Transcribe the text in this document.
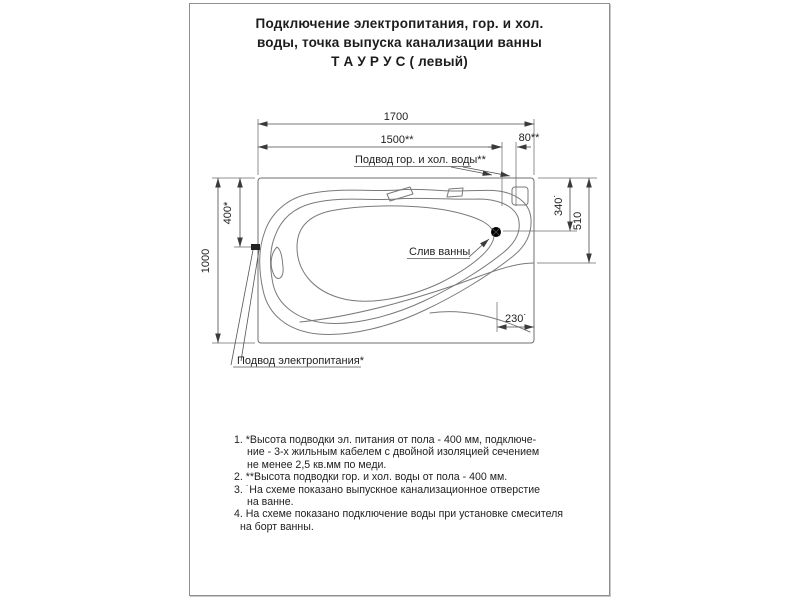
Подключение электропитания, гор. и хол.
воды, точка выпуска канализации ванны
Т А У Р У С ( левый)
1. *Высота подводки эл. питания от пола - 400 мм, подключе-
ние - 3-х жильным кабелем с двойной изоляцией сечением
не менее 2,5 кв.мм по меди.
2. **Высота подводки гор. и хол. воды от пола - 400 мм.
3. ˙На схеме показано выпускное канализационное отверстие
на ванне.
4. На схеме показано подключение воды при установке смесителя
на борт ванны.
1700
1500**	80**
Подвод гор. и хол. воды**
1000
400*
Подвод электропитания*
340˙
510
230˙
Слив ванны
